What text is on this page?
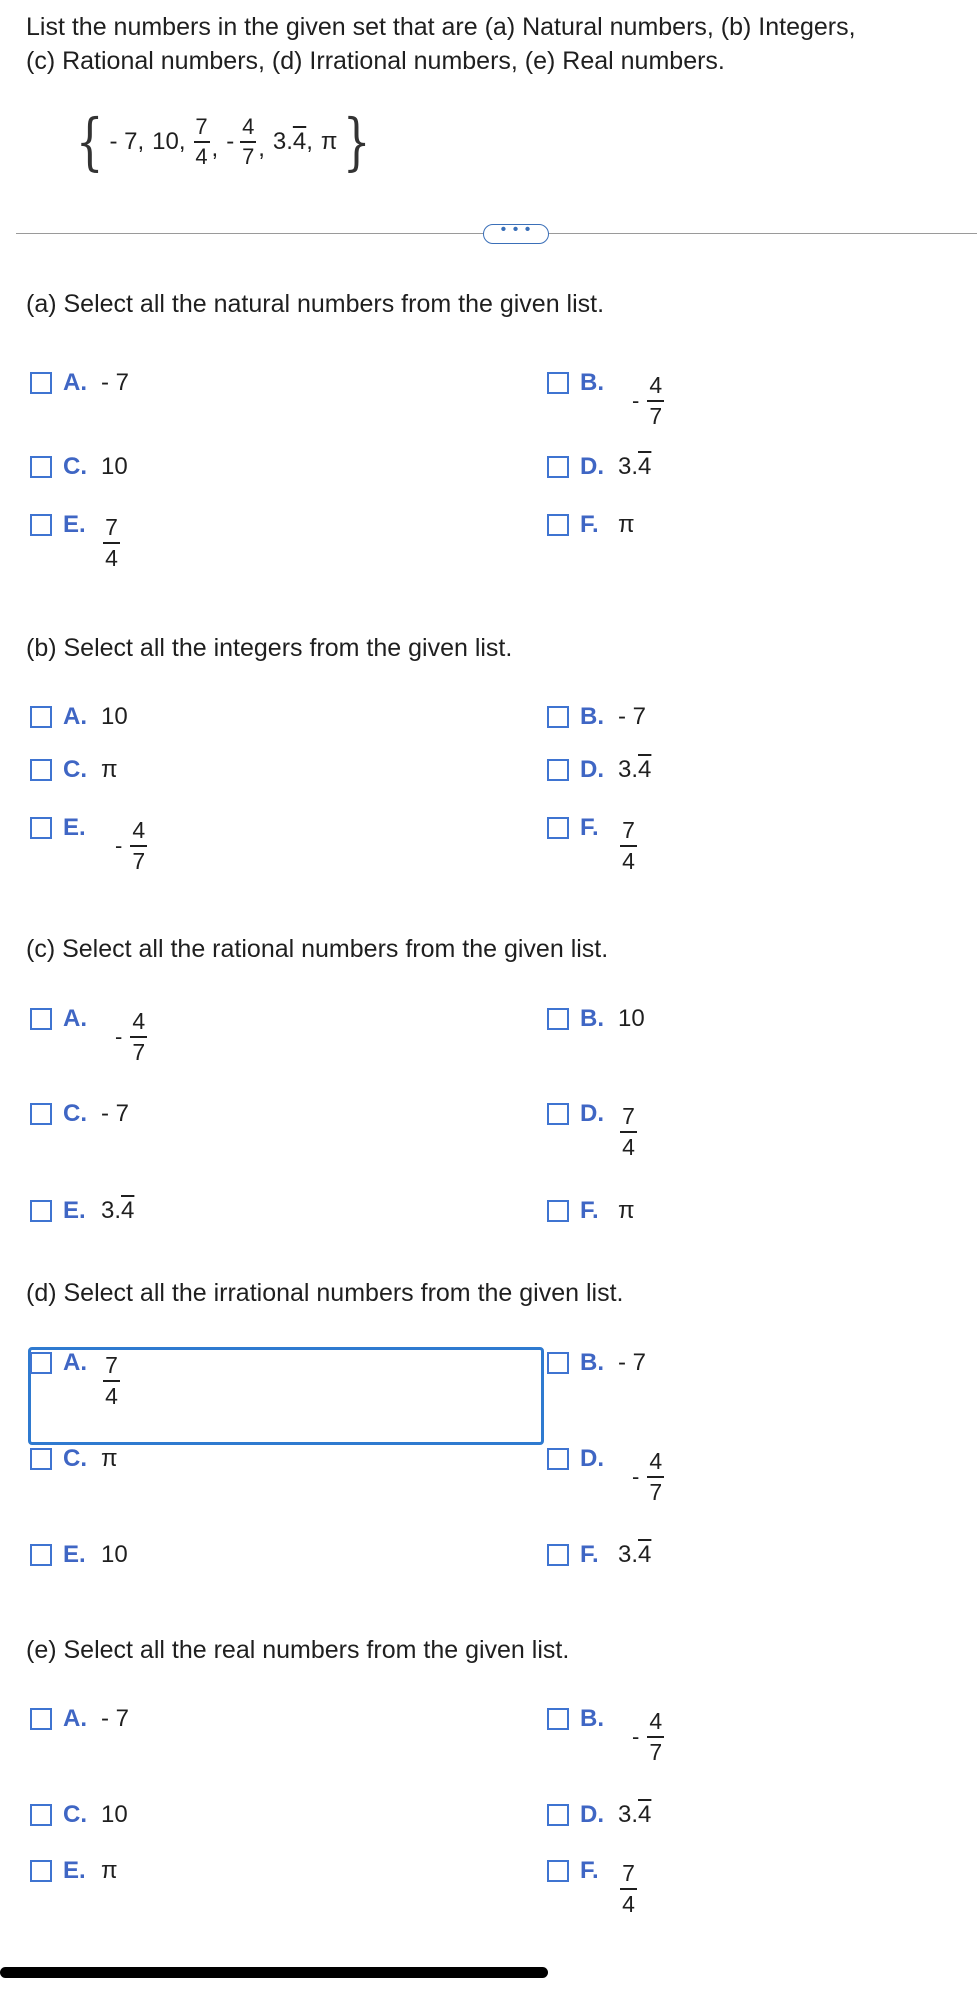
List the numbers in the given set that are (a) Natural numbers, (b) Integers,
(c) Rational numbers, (d) Irrational numbers, (e) Real numbers.
{ - 7, 10, $\frac{7}{4}$ , - $\frac{4}{7}$ , 3. 4 , π }
• • •
(a) Select all the natural numbers from the given list.
A. - 7	B.
- $\frac{4}{7}$
C. 10	D. 3.4
E. $\frac{7}{4}$	F. π
(b) Select all the integers from the given list.
A. 10	B. - 7
C. π	D. 3.4
E.
- $\frac{4}{7}$	F. $\frac{7}{4}$
(c) Select all the rational numbers from the given list.
A.
- $\frac{4}{7}$	B. 10
C. - 7	D. $\frac{7}{4}$
E. 3.4	F. π
(d) Select all the irrational numbers from the given list.
A. $\frac{7}{4}$	B. - 7
C. π	D.
- $\frac{4}{7}$
E. 10	F. 3.4
(e) Select all the real numbers from the given list.
A. - 7	B.
- $\frac{4}{7}$
C. 10	D. 3.4
E. π	F. $\frac{7}{4}$
